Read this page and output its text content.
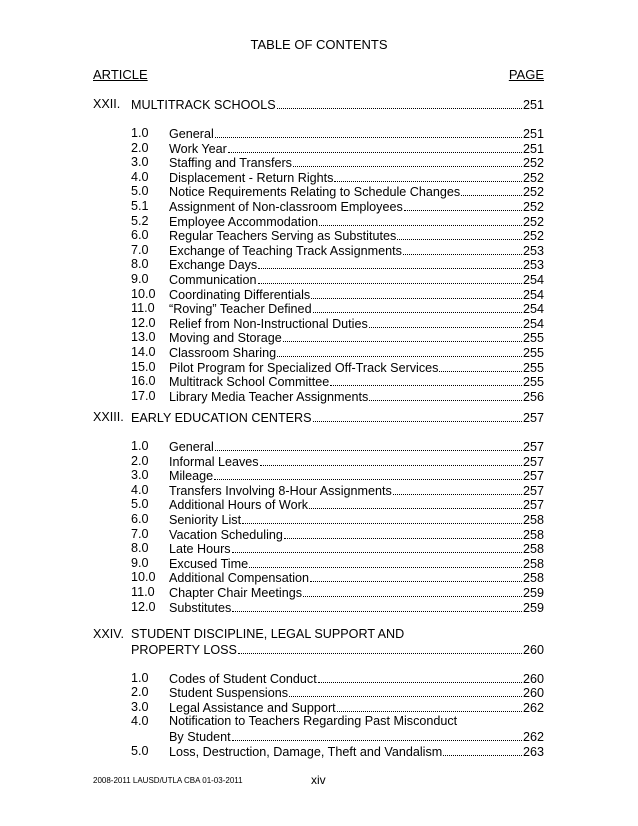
TABLE OF CONTENTS
ARTICLE	PAGE
XXII. MULTITRACK SCHOOLS	251
1.0 General	251
2.0 Work Year	251
3.0 Staffing and Transfers	252
4.0 Displacement - Return Rights	252
5.0 Notice Requirements Relating to Schedule Changes	252
5.1 Assignment of Non-classroom Employees	252
5.2 Employee Accommodation	252
6.0 Regular Teachers Serving as Substitutes	252
7.0 Exchange of Teaching Track Assignments	253
8.0 Exchange Days	253
9.0 Communication	254
10.0 Coordinating Differentials	254
11.0 “Roving” Teacher Defined	254
12.0 Relief from Non-Instructional Duties	254
13.0 Moving and Storage	255
14.0 Classroom Sharing	255
15.0 Pilot Program for Specialized Off-Track Services	255
16.0 Multitrack School Committee	255
17.0 Library Media Teacher Assignments	256
XXIII. EARLY EDUCATION CENTERS	257
1.0 General	257
2.0 Informal Leaves	257
3.0 Mileage	257
4.0 Transfers Involving 8-Hour Assignments	257
5.0 Additional Hours of Work	257
6.0 Seniority List	258
7.0 Vacation Scheduling	258
8.0 Late Hours	258
9.0 Excused Time	258
10.0 Additional Compensation	258
11.0 Chapter Chair Meetings	259
12.0 Substitutes	259
XXIV. STUDENT DISCIPLINE, LEGAL SUPPORT AND
PROPERTY LOSS	260
1.0 Codes of Student Conduct	260
2.0 Student Suspensions	260
3.0 Legal Assistance and Support	262
4.0 Notification to Teachers Regarding Past Misconduct
By Student	262
5.0 Loss, Destruction, Damage, Theft and Vandalism	263
2008-2011 LAUSD/UTLA CBA 01-03-2011	xiv
